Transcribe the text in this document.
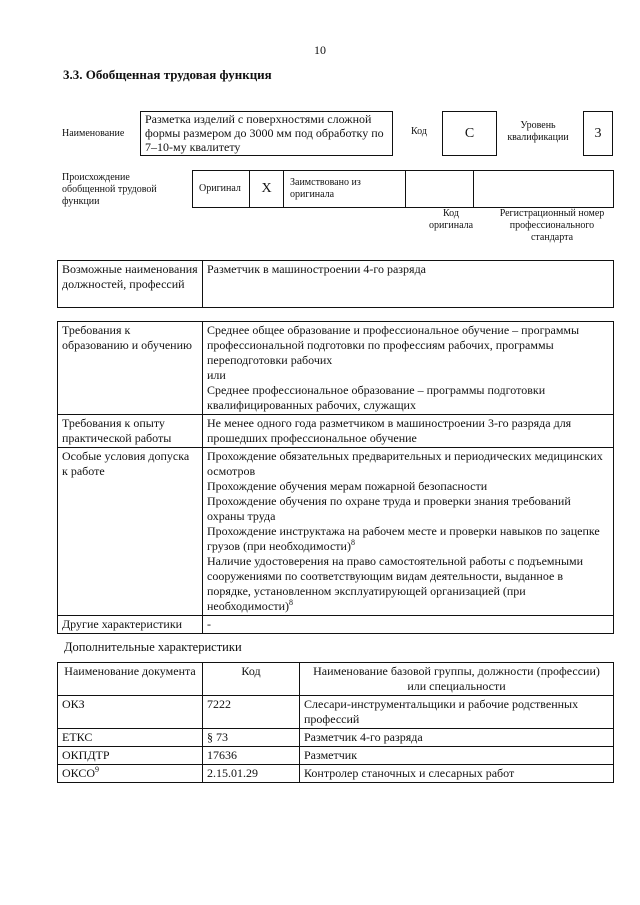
10
3.3. Обобщенная трудовая функция
Наименование
Разметка изделий с поверхностями сложной формы размером до 3000 мм под обработку по 7–10-му квалитету
Код	С
Уровень квалификации	3
Происхождение обобщенной трудовой функции
Оригинал	X	Заимствовано из оригинала
Код оригинала
Регистрационный номер профессионального стандарта
Возможные наименования должностей, профессий	Разметчик в машиностроении 4-го разряда
Требования к образованию и обучению	Среднее общее образование и профессиональное обучение – программы профессиональной подготовки по профессиям рабочих, программы переподготовки рабочих
или
Среднее профессиональное образование – программы подготовки квалифицированных рабочих, служащих

Требования к опыту практической работы	Не менее одного года разметчиком в машиностроении 3-го разряда для прошедших профессиональное обучение
Особые условия допуска к работе	Прохождение обязательных предварительных и периодических медицинских осмотров
Прохождение обучения мерам пожарной безопасности
Прохождение обучения по охране труда и проверки знания требований охраны труда
Прохождение инструктажа на рабочем месте и проверки навыков по зацепке грузов (при необходимости)$^8$
Наличие удостоверения на право самостоятельной работы с подъемными сооружениями по соответствующим видам деятельности, выданное в порядке, установленном эксплуатирующей организацией (при необходимости)$^8$

Другие характеристики	-
Дополнительные характеристики
Наименование документа	Код	Наименование базовой группы, должности (профессии) или специальности
ОКЗ	7222	Слесари-инструментальщики и рабочие родственных профессий
ЕТКС	§ 73	Разметчик 4-го разряда
ОКПДТР	17636	Разметчик
ОКСО$^9$	2.15.01.29	Контролер станочных и слесарных работ
